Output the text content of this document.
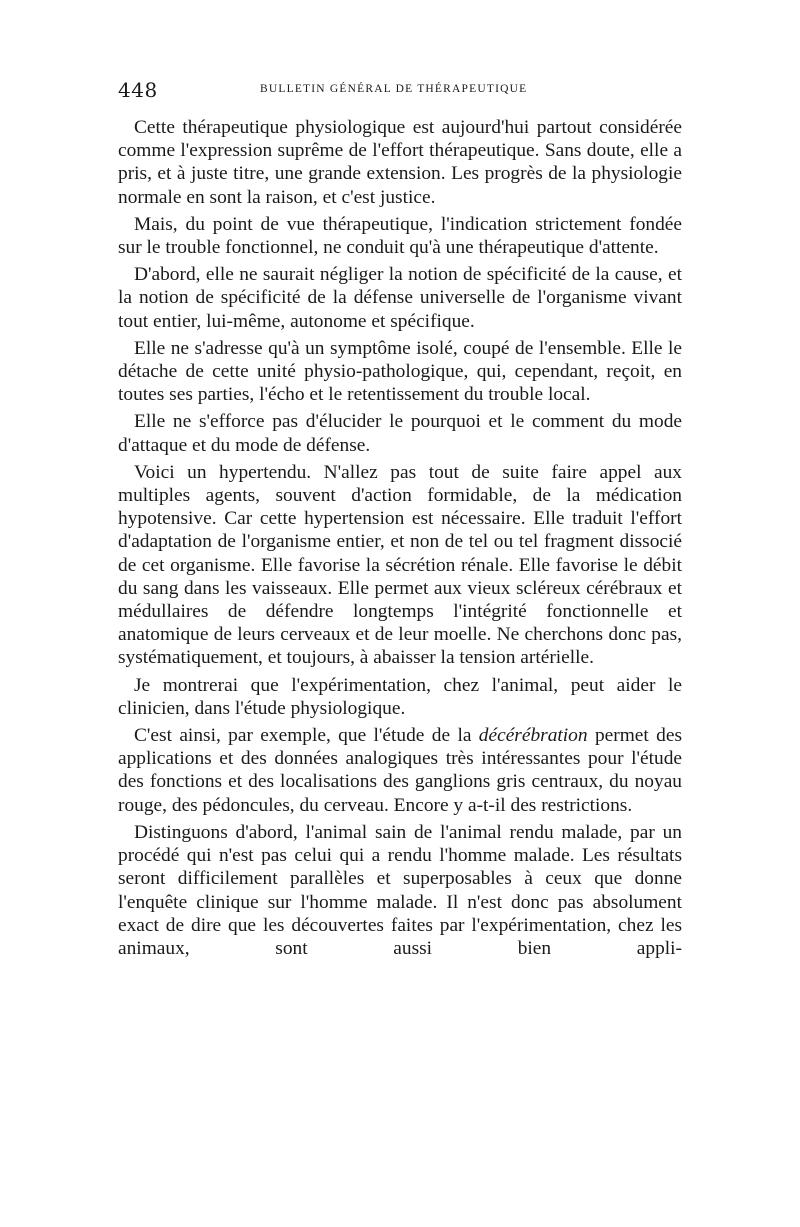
448	BULLETIN GÉNÉRAL DE THÉRAPEUTIQUE

Cette thérapeutique physiologique est aujourd'hui partout considérée comme l'expression suprême de l'effort thérapeutique. Sans doute, elle a pris, et à juste titre, une grande extension. Les progrès de la physiologie normale en sont la raison, et c'est justice.

Mais, du point de vue thérapeutique, l'indication strictement fondée sur le trouble fonctionnel, ne conduit qu'à une thérapeutique d'attente.

D'abord, elle ne saurait négliger la notion de spécificité de la cause, et la notion de spécificité de la défense universelle de l'organisme vivant tout entier, lui-même, autonome et spécifique.

Elle ne s'adresse qu'à un symptôme isolé, coupé de l'ensemble. Elle le détache de cette unité physio-pathologique, qui, cependant, reçoit, en toutes ses parties, l'écho et le retentissement du trouble local.

Elle ne s'efforce pas d'élucider le pourquoi et le comment du mode d'attaque et du mode de défense.

Voici un hypertendu. N'allez pas tout de suite faire appel aux multiples agents, souvent d'action formidable, de la médication hypotensive. Car cette hypertension est nécessaire. Elle traduit l'effort d'adaptation de l'organisme entier, et non de tel ou tel fragment dissocié de cet organisme. Elle favorise la sécrétion rénale. Elle favorise le débit du sang dans les vaisseaux. Elle permet aux vieux scléreux cérébraux et médullaires de défendre longtemps l'intégrité fonctionnelle et anatomique de leurs cerveaux et de leur moelle. Ne cherchons donc pas, systématiquement, et toujours, à abaisser la tension artérielle.

Je montrerai que l'expérimentation, chez l'animal, peut aider le clinicien, dans l'étude physiologique.

C'est ainsi, par exemple, que l'étude de la décérébration permet des applications et des données analogiques très intéressantes pour l'étude des fonctions et des localisations des ganglions gris centraux, du noyau rouge, des pédoncules, du cerveau. Encore y a-t-il des restrictions.

Distinguons d'abord, l'animal sain de l'animal rendu malade, par un procédé qui n'est pas celui qui a rendu l'homme malade. Les résultats seront difficilement parallèles et superposables à ceux que donne l'enquête clinique sur l'homme malade. Il n'est donc pas absolument exact de dire que les découvertes faites par l'expérimentation, chez les animaux, sont aussi bien appli-
